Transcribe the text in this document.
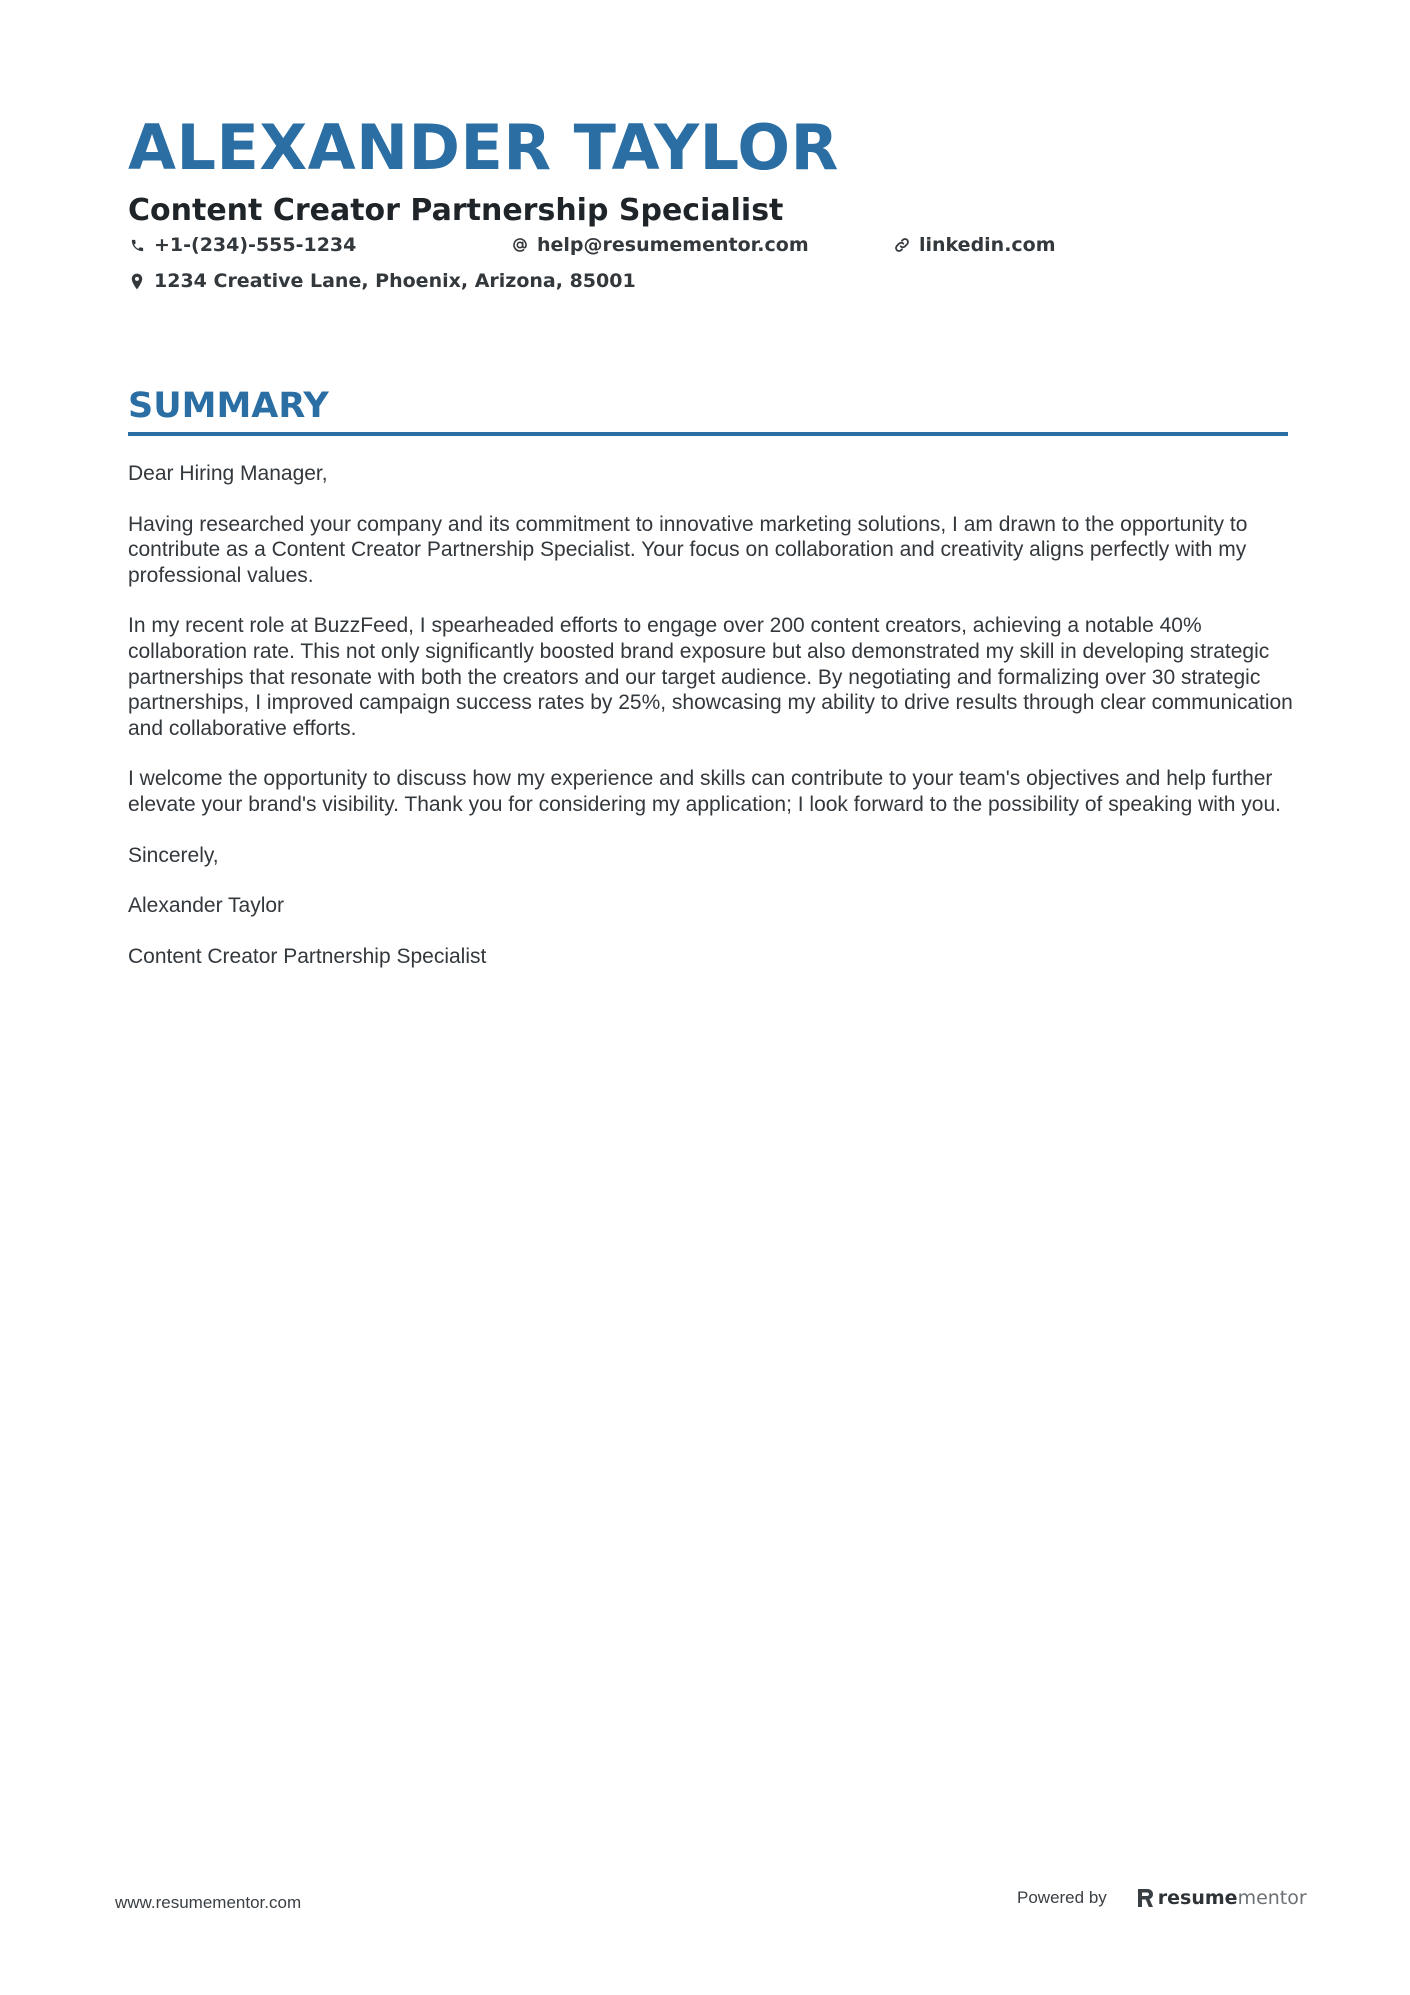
ALEXANDER TAYLOR
Content Creator Partnership Specialist
+1-(234)-555-1234	help@resumementor.com	linkedin.com
1234 Creative Lane, Phoenix, Arizona, 85001
SUMMARY

Dear Hiring Manager,

Having researched your company and its commitment to innovative marketing solutions, I am drawn to the opportunity to contribute as a Content Creator Partnership Specialist. Your focus on collaboration and creativity aligns perfectly with my professional values.

In my recent role at BuzzFeed, I spearheaded efforts to engage over 200 content creators, achieving a notable 40% collaboration rate. This not only significantly boosted brand exposure but also demonstrated my skill in developing strategic partnerships that resonate with both the creators and our target audience. By negotiating and formalizing over 30 strategic partnerships, I improved campaign success rates by 25%, showcasing my ability to drive results through clear communication and collaborative efforts.

I welcome the opportunity to discuss how my experience and skills can contribute to your team's objectives and help further elevate your brand's visibility. Thank you for considering my application; I look forward to the possibility of speaking with you.

Sincerely,

Alexander Taylor

Content Creator Partnership Specialist

www.resumementor.com	Powered by	resume mentor
